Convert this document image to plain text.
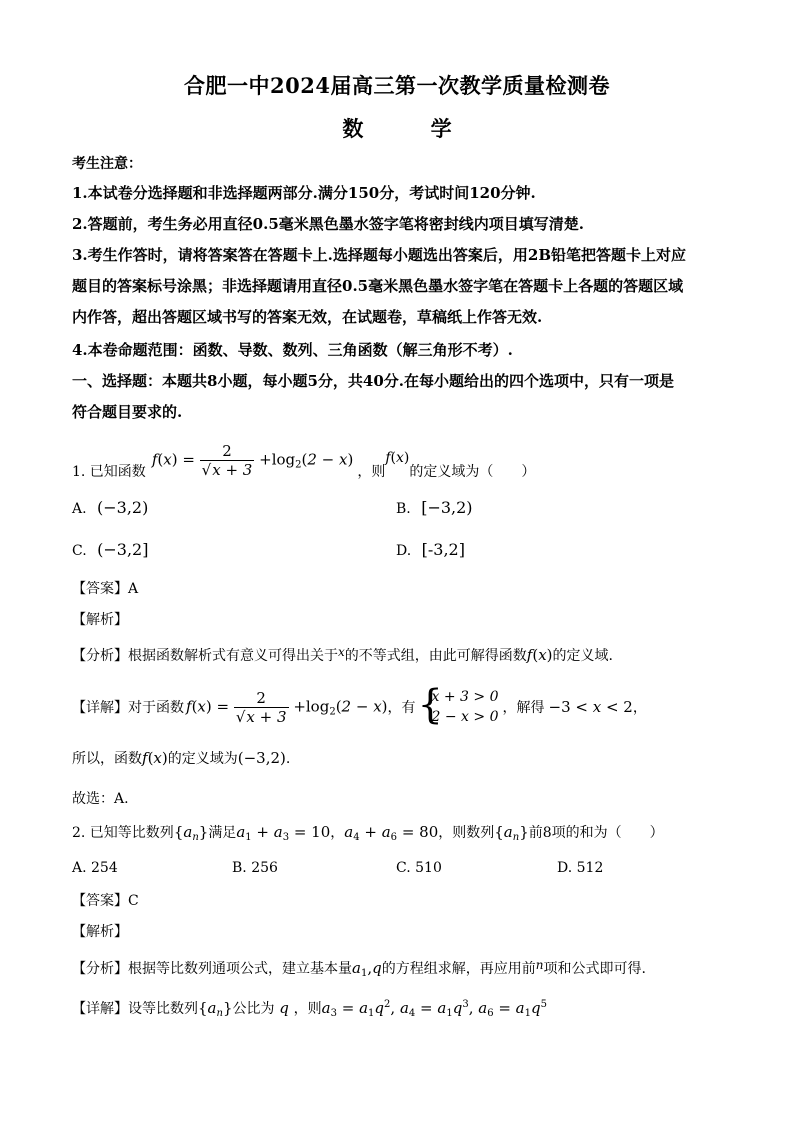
合肥一中2024届高三第一次教学质量检测卷
数 学
考生注意：
1.本试卷分选择题和非选择题两部分.满分150分，考试时间120分钟.
2.答题前，考生务必用直径0.5毫米黑色墨水签字笔将密封线内项目填写清楚.
3.考生作答时，请将答案答在答题卡上.选择题每小题选出答案后，用2B铅笔把答题卡上对应
题目的答案标号涂黑；非选择题请用直径0.5毫米黑色墨水签字笔在答题卡上各题的答题区域
内作答，超出答题区域书写的答案无效，在试题卷，草稿纸上作答无效.
4.本卷命题范围：函数、导数、数列、三角函数（解三角形不考）.
一、选择题：本题共8小题，每小题5分，共40分.在每小题给出的四个选项中，只有一项是
符合题目要求的.
1. 已知函数
$f(x) = \frac{2}{√x + 3} +\log_2(2 - x)$
，则
f(x)
的定义域为（　　）
A. (−3,2)	B. [−3,2)
C. (−3,2]	D. [-3,2]
【答案】A
【解析】
【分析】根据函数解析式有意义可得出关于x的不等式组，由此可解得函数f(x)的定义域.
【详解】 对于函数 $f(x) = \frac{2}{√x + 3} +\log_2(2 - x)$ ，有 {
x + 3 > 0
2 − x > 0
，解得 −3 < x < 2 ，
所以，函数f(x)的定义域为(−3,2).
故选：A.
2. 已知等比数列$\{a_n\}$满足$a_1 + a_3 = 10$，$a_4 + a_6 = 80$，则数列$\{a_n\}$前8项的和为（　　）
A. 254	B. 256	C. 510	D. 512
【答案】C
【解析】
【分析】根据等比数列通项公式，建立基本量$a_1,q$的方程组求解，再应用前n项和公式即可得.
【详解】设等比数列$\{a_n\}$公比为 q ，则$a_3 = a_1q^2$, $a_4 = a_1q^3$, $a_6 = a_1q^5$
